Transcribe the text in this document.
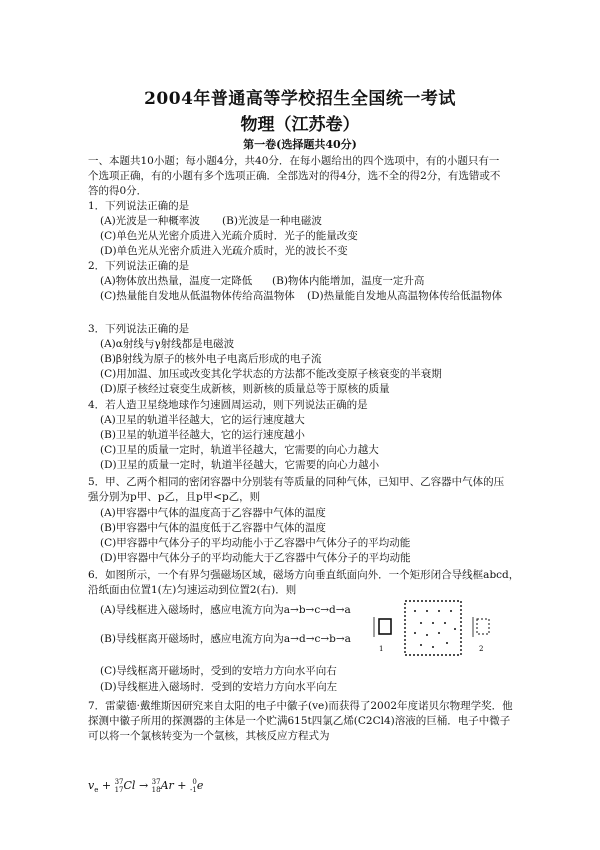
2004年普通高等学校招生全国统一考试
物理（江苏卷）
第一卷(选择题共40分)
一、本题共10小题；每小题4分，共40分．在每小题给出的四个选项中，有的小题只有一
个选项正确，有的小题有多个选项正确．全部选对的得4分，选不全的得2分，有选错或不
答的得0分．
1．下列说法正确的是
(A)光波是一种概率波 (B)光波是一种电磁波
(C)单色光从光密介质进入光疏介质时．光子的能量改变
(D)单色光从光密介质进入光疏介质时，光的波长不变
2．下列说法正确的是
(A)物体放出热量，温度一定降低 (B)物体内能增加，温度一定升高
(C)热量能自发地从低温物体传给高温物体 (D)热量能自发地从高温物体传给低温物体
3．下列说法正确的是
(A)α射线与γ射线都是电磁波
(B)β射线为原子的核外电子电离后形成的电子流
(C)用加温、加压或改变其化学状态的方法都不能改变原子核衰变的半衰期
(D)原子核经过衰变生成新核，则新核的质量总等于原核的质量
4．若人造卫星绕地球作匀速圆周运动，则下列说法正确的是
(A)卫星的轨道半径越大，它的运行速度越大
(B)卫星的轨道半径越大，它的运行速度越小
(C)卫星的质量一定时，轨道半径越大，它需要的向心力越大
(D)卫星的质量一定时，轨道半径越大，它需要的向心力越小
5．甲、乙两个相同的密闭容器中分别装有等质量的同种气体，已知甲、乙容器中气体的压
强分别为p甲、p乙，且p甲<p乙，则
(A)甲容器中气体的温度高于乙容器中气体的温度
(B)甲容器中气体的温度低于乙容器中气体的温度
(C)甲容器中气体分子的平均动能小于乙容器中气体分子的平均动能
(D)甲容器中气体分子的平均动能大于乙容器中气体分子的平均动能
6．如图所示，一个有界匀强磁场区域，磁场方向垂直纸面向外．一个矩形闭合导线框abcd，
沿纸面由位置1(左)匀速运动到位置2(右)．则
(A)导线框进入磁场时，感应电流方向为a→b→c→d→a
(B)导线框离开磁场时，感应电流方向为a→d→c→b→a
(C)导线框离开磁场时，受到的安培力方向水平向右
(D)导线框进入磁场时．受到的安培力方向水平向左
1	2
7．雷蒙德·戴维斯因研究来自太阳的电子中徽子(ve)而获得了2002年度诺贝尔物理学奖．他
探测中徽子所用的探测器的主体是一个贮满615t四氯乙烯(C2Cl4)溶液的巨桶．电子中微子
可以将一个氯核转变为一个氩核，其核反应方程式为
$v_e + 37$
17 Cl → 37
18 Ar + 0
-1 e
